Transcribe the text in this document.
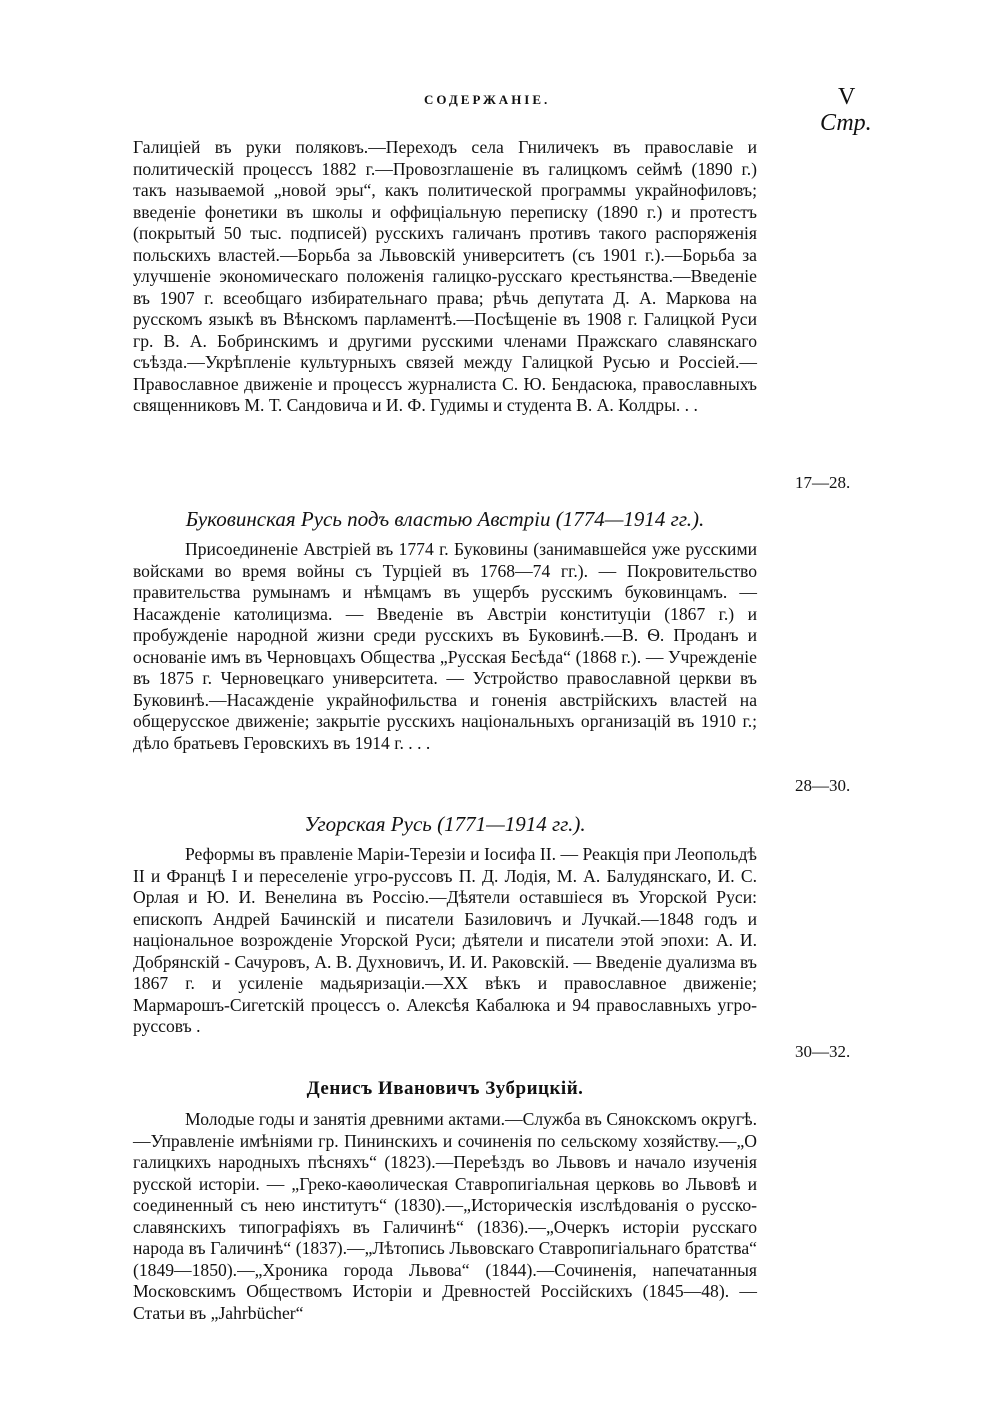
СОДЕРЖАНІЕ.	V
Стр.

Галиціей въ руки поляковъ.—Переходъ села Гниличекъ въ православіе и политическій процессъ 1882 г.—Провозглашеніе въ галицкомъ сеймѣ (1890 г.) такъ называемой „новой эры“, какъ политической программы украйнофиловъ; введеніе фонетики въ школы и оффиціальную переписку (1890 г.) и протестъ (покрытый 50 тыс. подписей) русскихъ галичанъ противъ такого распоряженія польскихъ властей.—Борьба за Львовскій университетъ (съ 1901 г.).—Борьба за улучшеніе экономическаго положенія галицко-русскаго крестьянства.—Введеніе въ 1907 г. всеобщаго избирательнаго права; рѣчь депутата Д. А. Маркова на русскомъ языкѣ въ Вѣнскомъ парламентѣ.—Посѣщеніе въ 1908 г. Галицкой Руси гр. В. А. Бобринскимъ и другими русскими членами Пражскаго славянскаго съѣзда.—Укрѣпленіе культурныхъ связей между Галицкой Русью и Россіей.—Православное движеніе и процессъ журналиста С. Ю. Бендасюка, православныхъ священниковъ М. Т. Сандовича и И. Ф. Гудимы и студента В. А. Колдры. . .

17—28.

Буковинская Русь подъ властью Австріи (1774—1914 гг.).

Присоединеніе Австріей въ 1774 г. Буковины (занимавшейся уже русскими войсками во время войны съ Турціей въ 1768—74 гг.). — Покровительство правительства румынамъ и нѣмцамъ въ ущербъ русскимъ буковинцамъ. — Насажденіе католицизма. — Введеніе въ Австріи конституціи (1867 г.) и пробужденіе народной жизни среди русскихъ въ Буковинѣ.—В. Ѳ. Проданъ и основаніе имъ въ Черновцахъ Общества „Русская Бесѣда“ (1868 г.). — Учрежденіе въ 1875 г. Черновецкаго университета. — Устройство православной церкви въ Буковинѣ.—Насажденіе украйнофильства и гоненія австрійскихъ властей на общерусское движеніе; закрытіе русскихъ національныхъ организацій въ 1910 г.; дѣло братьевъ Геровскихъ въ 1914 г. . . .

28—30.

Угорская Русь (1771—1914 гг.).

Реформы въ правленіе Маріи-Терезіи и Іосифа II. — Реакція при Леопольдѣ II и Францѣ I и переселеніе угро-руссовъ П. Д. Лодія, М. А. Балудянскаго, И. С. Орлая и Ю. И. Венелина въ Россію.—Дѣятели оставшіеся въ Угорской Руси: епископъ Андрей Бачинскій и писатели Базиловичъ и Лучкай.—1848 годъ и національное возрожденіе Угорской Руси; дѣятели и писатели этой эпохи: А. И. Добрянскій - Сачуровъ, А. В. Духновичъ, И. И. Раковскій. — Введеніе дуализма въ 1867 г. и усиленіе мадьяризаціи.—XX вѣкъ и православное движеніе; Мармарошъ-Сигетскій процессъ о. Алексѣя Кабалюка и 94 православныхъ угро-руссовъ .

30—32.

Денисъ Ивановичъ Зубрицкій.

Молодые годы и занятія древними актами.—Служба въ Сянокскомъ округѣ.—Управленіе имѣніями гр. Пининскихъ и сочиненія по сельскому хозяйству.—„О галицкихъ народныхъ пѣсняхъ“ (1823).—Переѣздъ во Львовъ и начало изученія русской исторіи. — „Греко-каѳолическая Ставропигіальная церковь во Львовѣ и соединенный съ нею институтъ“ (1830).—„Историческія изслѣдованія о русско-славянскихъ типографіяхъ въ Галичинѣ“ (1836).—„Очеркъ исторіи русскаго народа въ Галичинѣ“ (1837).—„Лѣтопись Львовскаго Ставропигіальнаго братства“ (1849—1850).—„Хроника города Львова“ (1844).—Сочиненія, напечатанныя Московскимъ Обществомъ Исторіи и Древностей Россійскихъ (1845—48). — Статьи въ „Jahrbücher“
